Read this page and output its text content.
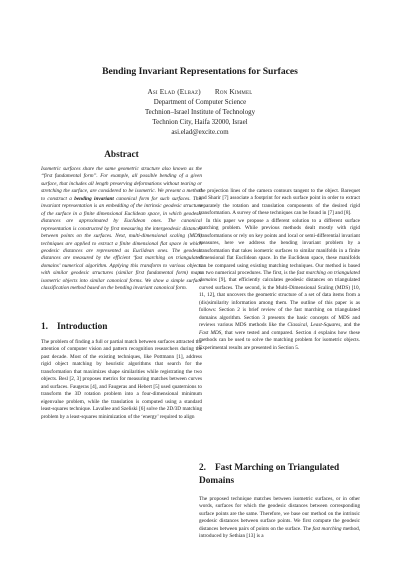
Bending Invariant Representations for Surfaces
Asi Elad (Elbaz) Ron Kimmel
Department of Computer Science
Technion–Israel Institute of Technology
Technion City, Haifa 32000, Israel
asi.elad@excite.com
Abstract

Isometric surfaces share the same geometric structure also known as the “first fundamental form”. For example, all possible bending of a given surface, that includes all length preserving deformations without tearing or stretching the surface, are considered to be isometric. We present a method to construct a bending invariant canonical form for such surfaces. This invariant representation is an embedding of the intrinsic geodesic structure of the surface in a finite dimensional Euclidean space, in which geodesic distances are approximated by Euclidean ones. The canonical representation is constructed by first measuring the intergeodesic distances between points on the surfaces. Next, multi-dimensional scaling (MDS) techniques are applied to extract a finite dimensional flat space in which geodesic distances are represented as Euclidean ones. The geodesic distances are measured by the efficient ‘fast marching on triangulated domains’ numerical algorithm. Applying this transform to various objects with similar geodesic structures (similar first fundamental form) maps isometric objects into similar canonical forms. We show a simple surface classification method based on the bending invariant canonical form.

1. Introduction

The problem of finding a full or partial match between surfaces attracted the attention of computer vision and pattern recognition researchers during the past decade. Most of the existing techniques, like Pottmann [1], address rigid object matching by heuristic algorithms that search for the transformation that maximizes shape similarities while registrating the two objects. Besl [2, 3] proposes metrics for measuring matches between curves and surfaces. Faugeras [4], and Faugeras and Hebert [5] used quaternions to transform the 3D rotation problem into a four-dimensional minimum eigenvalue problem, while the translation is computed using a standard least-squares technique. Lavallee and Szeliski [6] solve the 2D/3D matching problem by a least-squares minimization of the ‘energy’ required to align

the projection lines of the camera contours tangent to the object. Barequet and Sharir [7] associate a footprint for each surface point in order to extract separately the rotation and translation components of the desired rigid transformation. A survey of these techniques can be found in [7] and [8].

In this paper we propose a different solution to a different surface matching problem. While previous methods dealt mostly with rigid transformations or rely on key points and local or semi-differential invariant measures, here we address the bending invariant problem by a transformation that takes isometric surfaces to similar manifolds in a finite dimensional flat Euclidean space. In the Euclidean space, these manifolds can be compared using existing matching techniques. Our method is based on two numerical procedures. The first, is the fast marching on triangulated domains [9], that efficiently calculates geodesic distances on triangulated curved surfaces. The second, is the Multi-Dimensional Scaling (MDS) [10, 11, 12], that uncovers the geometric structure of a set of data items from a (dis)similarity information among them. The outline of this paper is as follows: Section 2 is brief review of the fast marching on triangulated domains algorithm. Section 3 presents the basic concepts of MDS and reviews various MDS methods like the Classical, Least-Squares, and the Fast MDS, that were tested and compared. Section 4 explains how these methods can be used to solve the matching problem for isometric objects. Experimental results are presented in Section 5.

2. Fast Marching on Triangulated Domains

The proposed technique matches between isometric surfaces, or in other words, surfaces for which the geodesic distances between corresponding surface points are the same. Therefore, we base our method on the intrinsic geodesic distances between surface points. We first compute the geodesic distances between pairs of points on the surface. The fast marching method, introduced by Sethian [13] is a
